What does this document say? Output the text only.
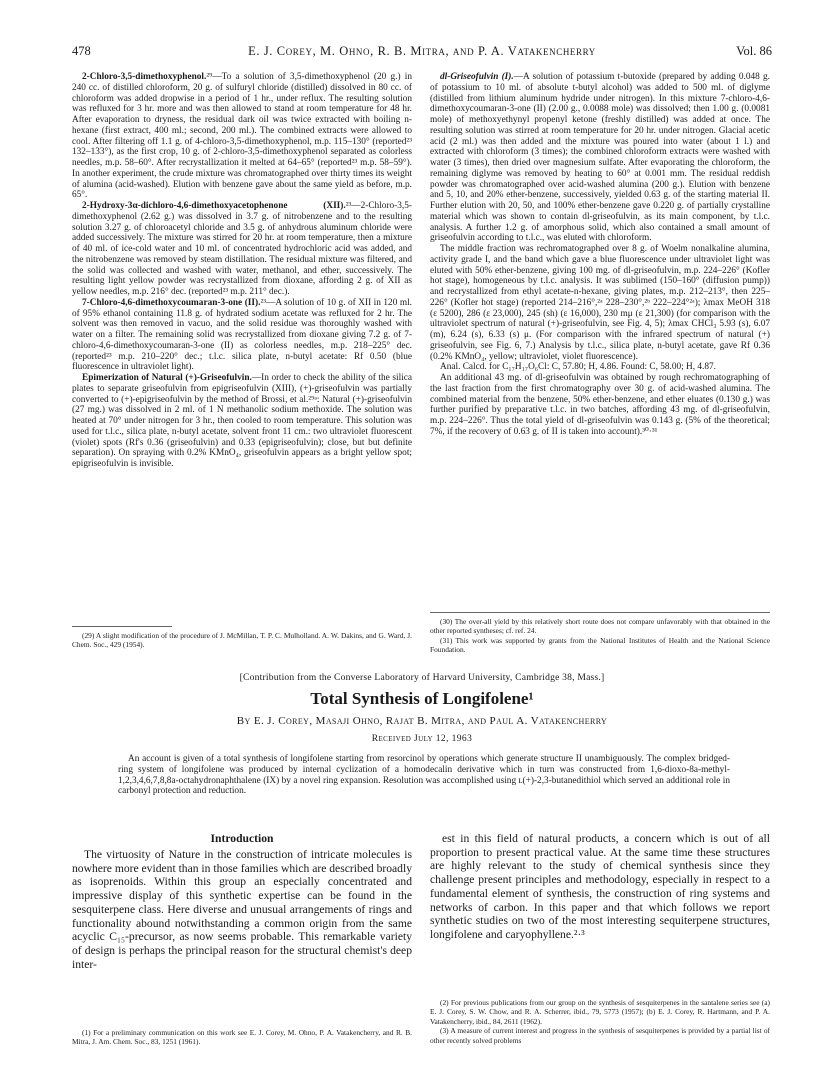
478	E. J. Corey, M. Ohno, R. B. Mitra, and P. A. Vatakencherry	Vol. 86

2-Chloro-3,5-dimethoxyphenol.²⁹—To a solution of 3,5-dimethoxyphenol (20 g.) in 240 cc. of distilled chloroform, 20 g. of sulfuryl chloride (distilled) dissolved in 80 cc. of chloroform was added dropwise in a period of 1 hr., under reflux. The resulting solution was refluxed for 3 hr. more and was then allowed to stand at room temperature for 48 hr. After evaporation to dryness, the residual dark oil was twice extracted with boiling n-hexane (first extract, 400 ml.; second, 200 ml.). The combined extracts were allowed to cool. After filtering off 1.1 g. of 4-chloro-3,5-dimethoxyphenol, m.p. 115–130° (reported²³ 132–133°), as the first crop, 10 g. of 2-chloro-3,5-dimethoxyphenol separated as colorless needles, m.p. 58–60°. After recrystallization it melted at 64–65° (reported²³ m.p. 58–59°). In another experiment, the crude mixture was chromatographed over thirty times its weight of alumina (acid-washed). Elution with benzene gave about the same yield as before, m.p. 65°.

2-Hydroxy-3α-dichloro-4,6-dimethoxyacetophenone (XII).²³—2-Chloro-3,5-dimethoxyphenol (2.62 g.) was dissolved in 3.7 g. of nitrobenzene and to the resulting solution 3.27 g. of chloroacetyl chloride and 3.5 g. of anhydrous aluminum chloride were added successively. The mixture was stirred for 20 hr. at room temperature, then a mixture of 40 ml. of ice-cold water and 10 ml. of concentrated hydrochloric acid was added, and the nitrobenzene was removed by steam distillation. The residual mixture was filtered, and the solid was collected and washed with water, methanol, and ether, successively. The resulting light yellow powder was recrystallized from dioxane, affording 2 g. of XII as yellow needles, m.p. 216° dec. (reported²³ m.p. 211° dec.).

7-Chloro-4,6-dimethoxycoumaran-3-one (II).²³—A solution of 10 g. of XII in 120 ml. of 95% ethanol containing 11.8 g. of hydrated sodium acetate was refluxed for 2 hr. The solvent was then removed in vacuo, and the solid residue was thoroughly washed with water on a filter. The remaining solid was recrystallized from dioxane giving 7.2 g. of 7-chloro-4,6-dimethoxycoumaran-3-one (II) as colorless needles, m.p. 218–225° dec. (reported²³ m.p. 210–220° dec.; t.l.c. silica plate, n-butyl acetate: Rf 0.50 (blue fluorescence in ultraviolet light).

Epimerization of Natural (+)-Griseofulvin.—In order to check the ability of the silica plates to separate griseofulvin from epigriseofulvin (XIII), (+)-griseofulvin was partially converted to (+)-epigriseofulvin by the method of Brossi, et al.²⁹ᵃ: Natural (+)-griseofulvin (27 mg.) was dissolved in 2 ml. of 1 N methanolic sodium methoxide. The solution was heated at 70° under nitrogen for 3 hr., then cooled to room temperature. This solution was used for t.l.c., silica plate, n-butyl acetate, solvent front 11 cm.: two ultraviolet fluorescent (violet) spots (Rf's 0.36 (griseofulvin) and 0.33 (epigriseofulvin); close, but but definite separation). On spraying with 0.2% KMnO₄, griseofulvin appears as a bright yellow spot; epigriseofulvin is invisible.

(29) A slight modification of the procedure of J. McMillan, T. P. C. Mulholland. A. W. Dakins, and G. Ward, J. Chem. Soc., 429 (1954).

dl-Griseofulvin (I).—A solution of potassium t-butoxide (prepared by adding 0.048 g. of potassium to 10 ml. of absolute t-butyl alcohol) was added to 500 ml. of diglyme (distilled from lithium aluminum hydride under nitrogen). In this mixture 7-chloro-4,6-dimethoxycoumaran-3-one (II) (2.00 g., 0.0088 mole) was dissolved; then 1.00 g. (0.0081 mole) of methoxyethynyl propenyl ketone (freshly distilled) was added at once. The resulting solution was stirred at room temperature for 20 hr. under nitrogen. Glacial acetic acid (2 ml.) was then added and the mixture was poured into water (about 1 l.) and extracted with chloroform (3 times); the combined chloroform extracts were washed with water (3 times), then dried over magnesium sulfate. After evaporating the chloroform, the remaining diglyme was removed by heating to 60° at 0.001 mm. The residual reddish powder was chromatographed over acid-washed alumina (200 g.). Elution with benzene and 5, 10, and 20% ether-benzene, successively, yielded 0.63 g. of the starting material II. Further elution with 20, 50, and 100% ether-benzene gave 0.220 g. of partially crystalline material which was shown to contain dl-griseofulvin, as its main component, by t.l.c. analysis. A further 1.2 g. of amorphous solid, which also contained a small amount of griseofulvin according to t.l.c., was eluted with chloroform.

The middle fraction was rechromatographed over 8 g. of Woelm nonalkaline alumina, activity grade I, and the band which gave a blue fluorescence under ultraviolet light was eluted with 50% ether-benzene, giving 100 mg. of dl-griseofulvin, m.p. 224–226° (Kofler hot stage), homogeneous by t.l.c. analysis. It was sublimed (150–160° (diffusion pump)) and recrystallized from ethyl acetate-n-hexane, giving plates, m.p. 212–213°, then 225–226° (Kofler hot stage) (reported 214–216°,²ᵃ 228–230°,²ᵇ 222–224°²ᵃ); λmax MeOH 318 (ε 5200), 286 (ε 23,000), 245 (sh) (ε 16,000), 230 mμ (ε 21,300) (for comparison with the ultraviolet spectrum of natural (+)-griseofulvin, see Fig. 4, 5); λmax CHCl₃ 5.93 (s), 6.07 (m), 6.24 (s), 6.33 (s) μ. (For comparison with the infrared spectrum of natural (+) griseofulvin, see Fig. 6, 7.) Analysis by t.l.c., silica plate, n-butyl acetate, gave Rf 0.36 (0.2% KMnO₄, yellow; ultraviolet, violet fluorescence).

Anal. Calcd. for C₁₇H₁₇O₆Cl: C, 57.80; H, 4.86. Found: C, 58.00; H, 4.87.

An additional 43 mg. of dl-griseofulvin was obtained by rough rechromatographing of the last fraction from the first chromatography over 30 g. of acid-washed alumina. The combined material from the benzene, 50% ether-benzene, and ether eluates (0.130 g.) was further purified by preparative t.l.c. in two batches, affording 43 mg. of dl-griseofulvin, m.p. 224–226°. Thus the total yield of dl-griseofulvin was 0.143 g. (5% of the theoretical; 7%, if the recovery of 0.63 g. of II is taken into account).³⁰·³¹

(30) The over-all yield by this relatively short route does not compare unfavorably with that obtained in the other reported syntheses; cf. ref. 24.

(31) This work was supported by grants from the National Institutes of Health and the National Science Foundation.

[Contribution from the Converse Laboratory of Harvard University, Cambridge 38, Mass.]
Total Synthesis of Longifolene¹
By E. J. Corey, Masaji Ohno, Rajat B. Mitra, and Paul A. Vatakencherry
Received July 12, 1963

An account is given of a total synthesis of longifolene starting from resorcinol by operations which generate structure II unambiguously. The complex bridged-ring system of longifolene was produced by internal cyclization of a homodecalin derivative which in turn was constructed from 1,6-dioxo-8a-methyl-1,2,3,4,6,7,8,8a-octahydronaphthalene (IX) by a novel ring expansion. Resolution was accomplished using ʟ(+)-2,3-butanedithiol which served an additional role in carbonyl protection and reduction.

Introduction

The virtuosity of Nature in the construction of intricate molecules is nowhere more evident than in those families which are described broadly as isoprenoids. Within this group an especially concentrated and impressive display of this synthetic expertise can be found in the sesquiterpene class. Here diverse and unusual arrangements of rings and functionality abound notwithstanding a common origin from the same acyclic C₁₅-precursor, as now seems probable. This remarkable variety of design is perhaps the principal reason for the structural chemist's deep inter-

(1) For a preliminary communication on this work see E. J. Corey, M. Ohno, P. A. Vatakencherry, and R. B. Mitra, J. Am. Chem. Soc., 83, 1251 (1961).

est in this field of natural products, a concern which is out of all proportion to present practical value. At the same time these structures are highly relevant to the study of chemical synthesis since they challenge present principles and methodology, especially in respect to a fundamental element of synthesis, the construction of ring systems and networks of carbon. In this paper and that which follows we report synthetic studies on two of the most interesting sequiterpene structures, longifolene and caryophyllene.²·³

(2) For previous publications from our group on the synthesis of sesquiterpenes in the santalene series see (a) E. J. Corey, S. W. Chow, and R. A. Scherrer, ibid., 79, 5773 (1957); (b) E. J. Corey, R. Hartmann, and P. A. Vatakencherry, ibid., 84, 2611 (1962).

(3) A measure of current interest and progress in the synthesis of sesquiterpenes is provided by a partial list of other recently solved problems
